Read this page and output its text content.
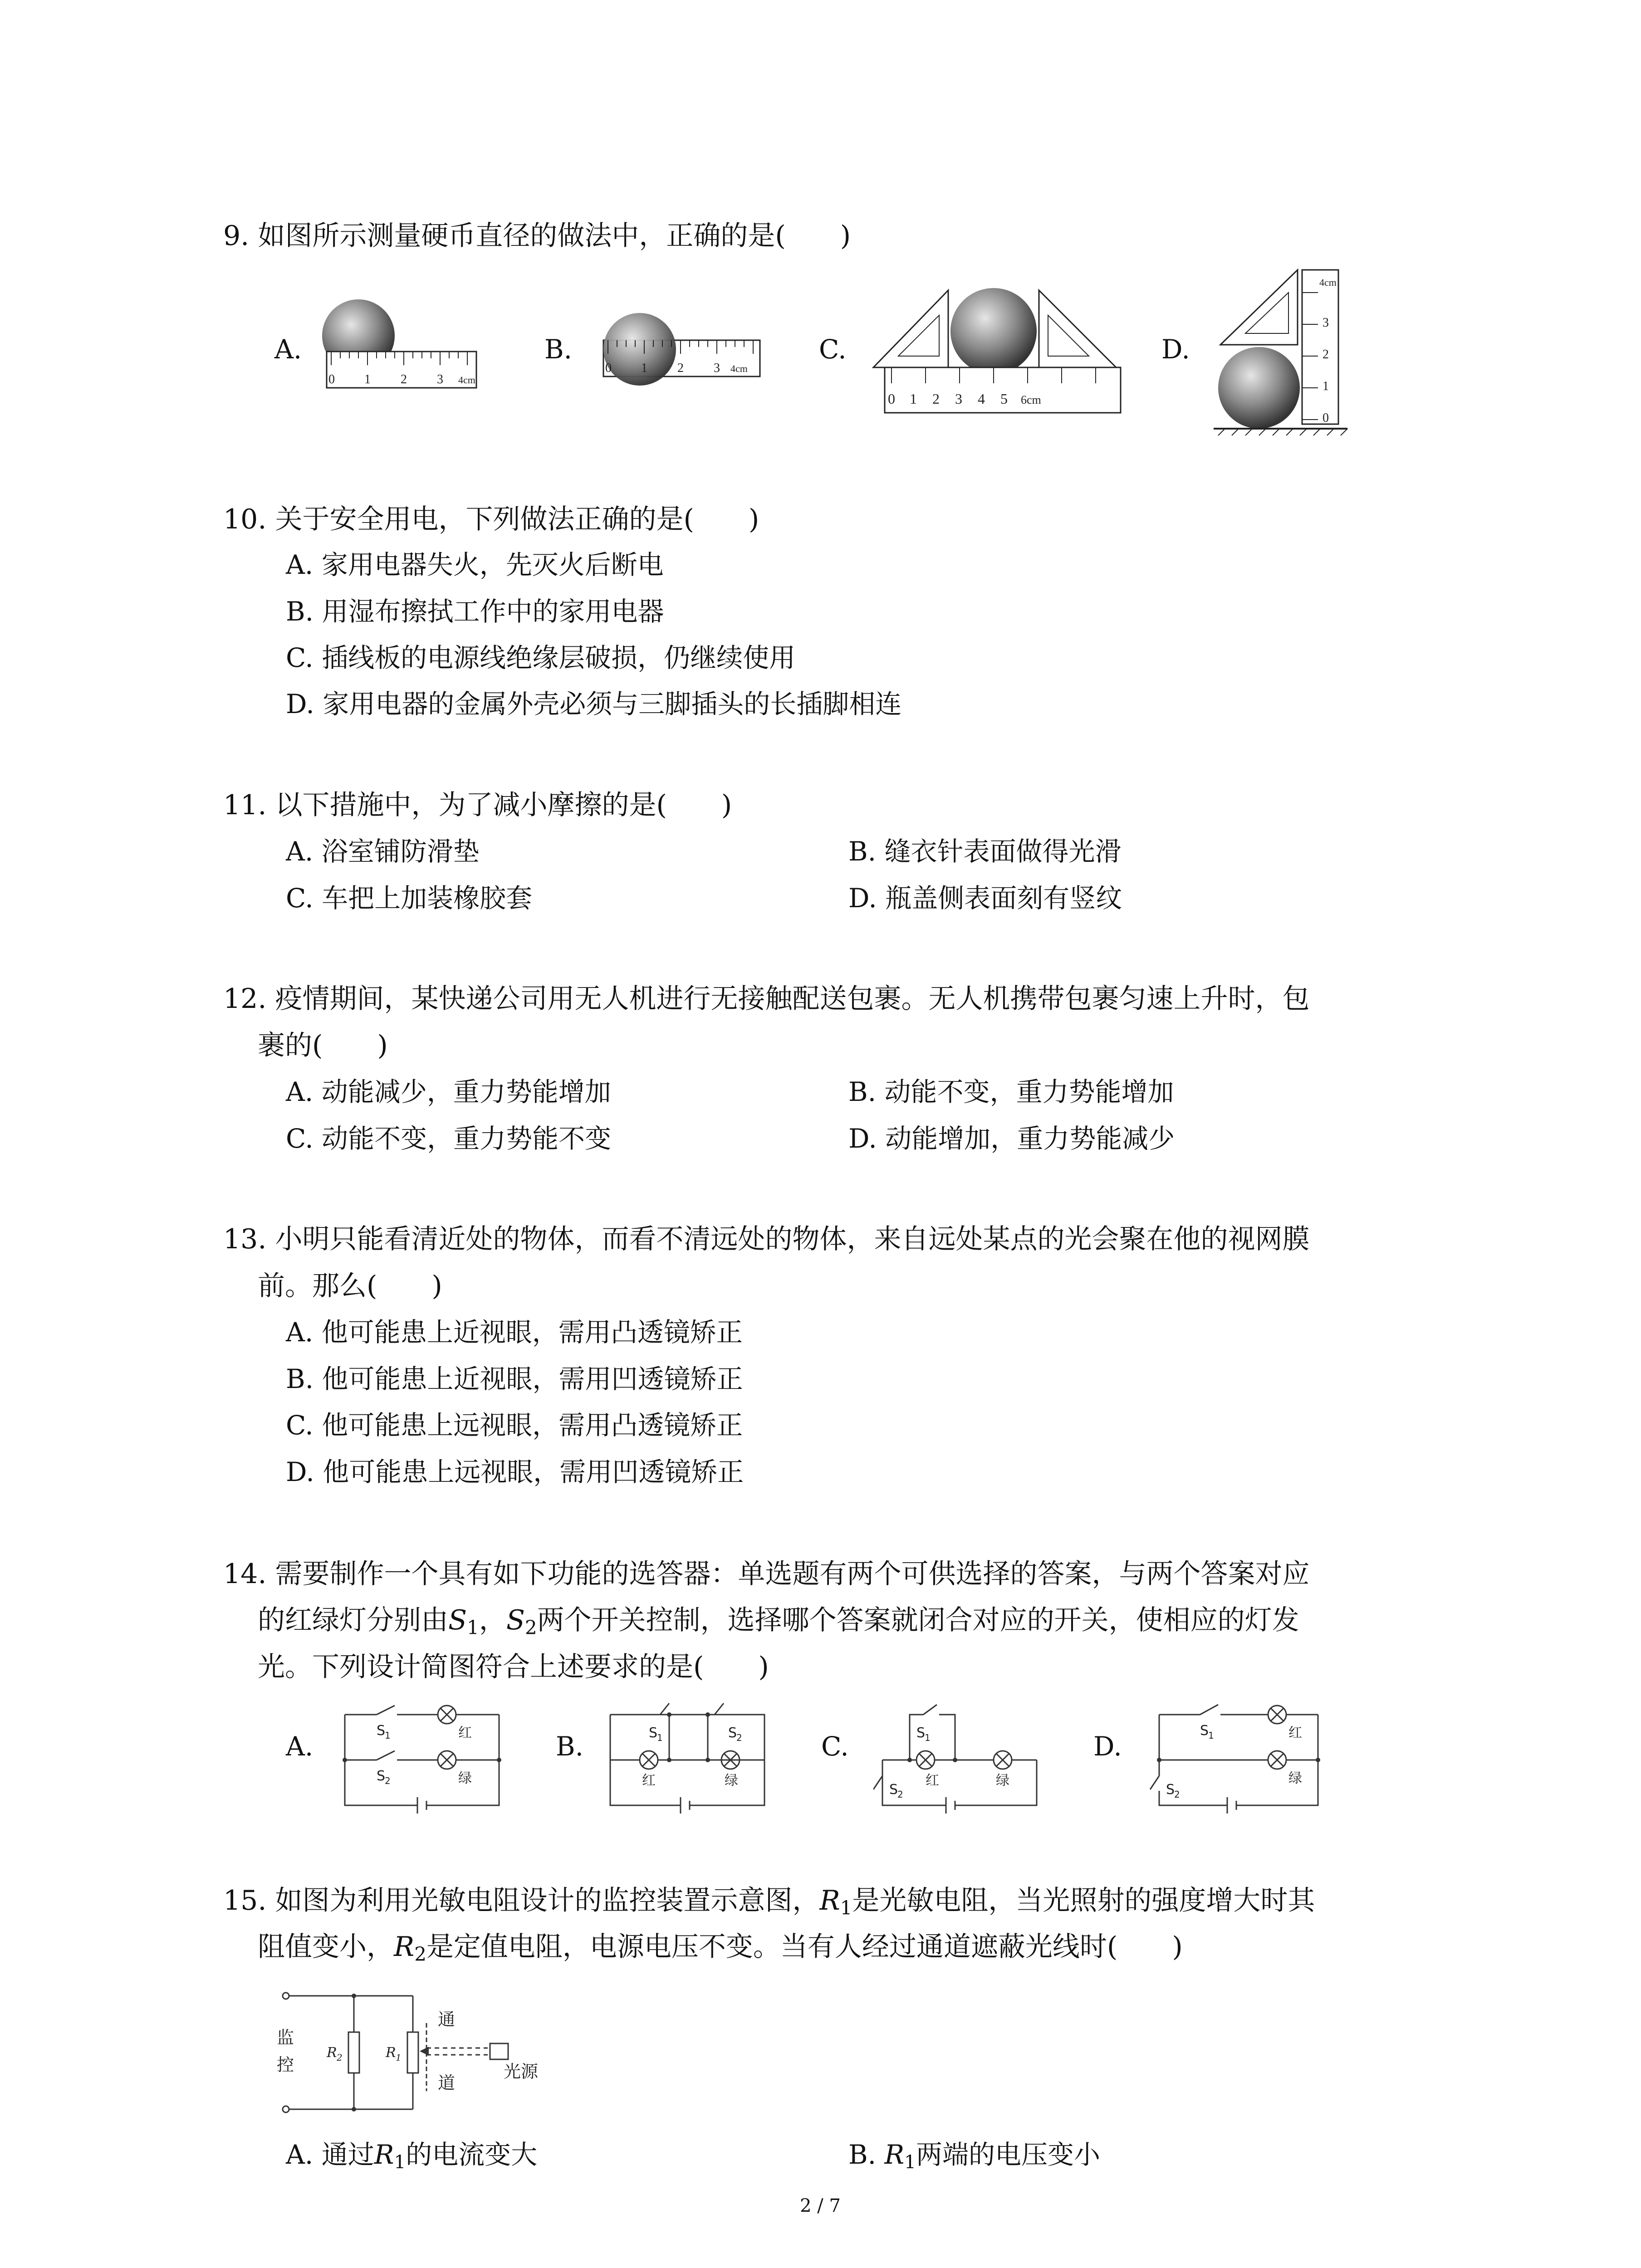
9. 如图所示测量硬币直径的做法中，正确的是(　　)
A.
0 1 2 3 4cm
B.
0 1 2 3 4cm
C.
0 1 2 3 4 5 6cm
D.
0
1
2
3
4cm
10. 关于安全用电，下列做法正确的是(　　)
A. 家用电器失火，先灭火后断电
B. 用湿布擦拭工作中的家用电器
C. 插线板的电源线绝缘层破损，仍继续使用
D. 家用电器的金属外壳必须与三脚插头的长插脚相连
11. 以下措施中，为了减小摩擦的是(　　)
A. 浴室铺防滑垫	B. 缝衣针表面做得光滑
C. 车把上加装橡胶套	D. 瓶盖侧表面刻有竖纹
12. 疫情期间，某快递公司用无人机进行无接触配送包裹。无人机携带包裹匀速上升时，包
裹的(　　)
A. 动能减少，重力势能增加	B. 动能不变，重力势能增加
C. 动能不变，重力势能不变	D. 动能增加，重力势能减少
13. 小明只能看清近处的物体，而看不清远处的物体，来自远处某点的光会聚在他的视网膜
前。那么(　　)
A. 他可能患上近视眼，需用凸透镜矫正
B. 他可能患上近视眼，需用凹透镜矫正
C. 他可能患上远视眼，需用凸透镜矫正
D. 他可能患上远视眼，需用凹透镜矫正
14. 需要制作一个具有如下功能的选答器：单选题有两个可供选择的答案，与两个答案对应
的红绿灯分别由$S_1$，$S_2$两个开关控制，选择哪个答案就闭合对应的开关，使相应的灯发
光。下列设计简图符合上述要求的是(　　)
A.
S
1	红
S
2	绿
B.	S
1	S
2
红	绿
C.	S
1
S
2
红	绿
D.
S
1	红
S
2
绿
15. 如图为利用光敏电阻设计的监控装置示意图，$R_1$是光敏电阻，当光照射的强度增大时其
阻值变小，$R_2$是定值电阻，电源电压不变。当有人经过通道遮蔽光线时(　　)
监
控
通
道
光源
R 2	R 1
A. 通过$R_1$的电流变大	B. $R_1$两端的电压变小
2 / 7
